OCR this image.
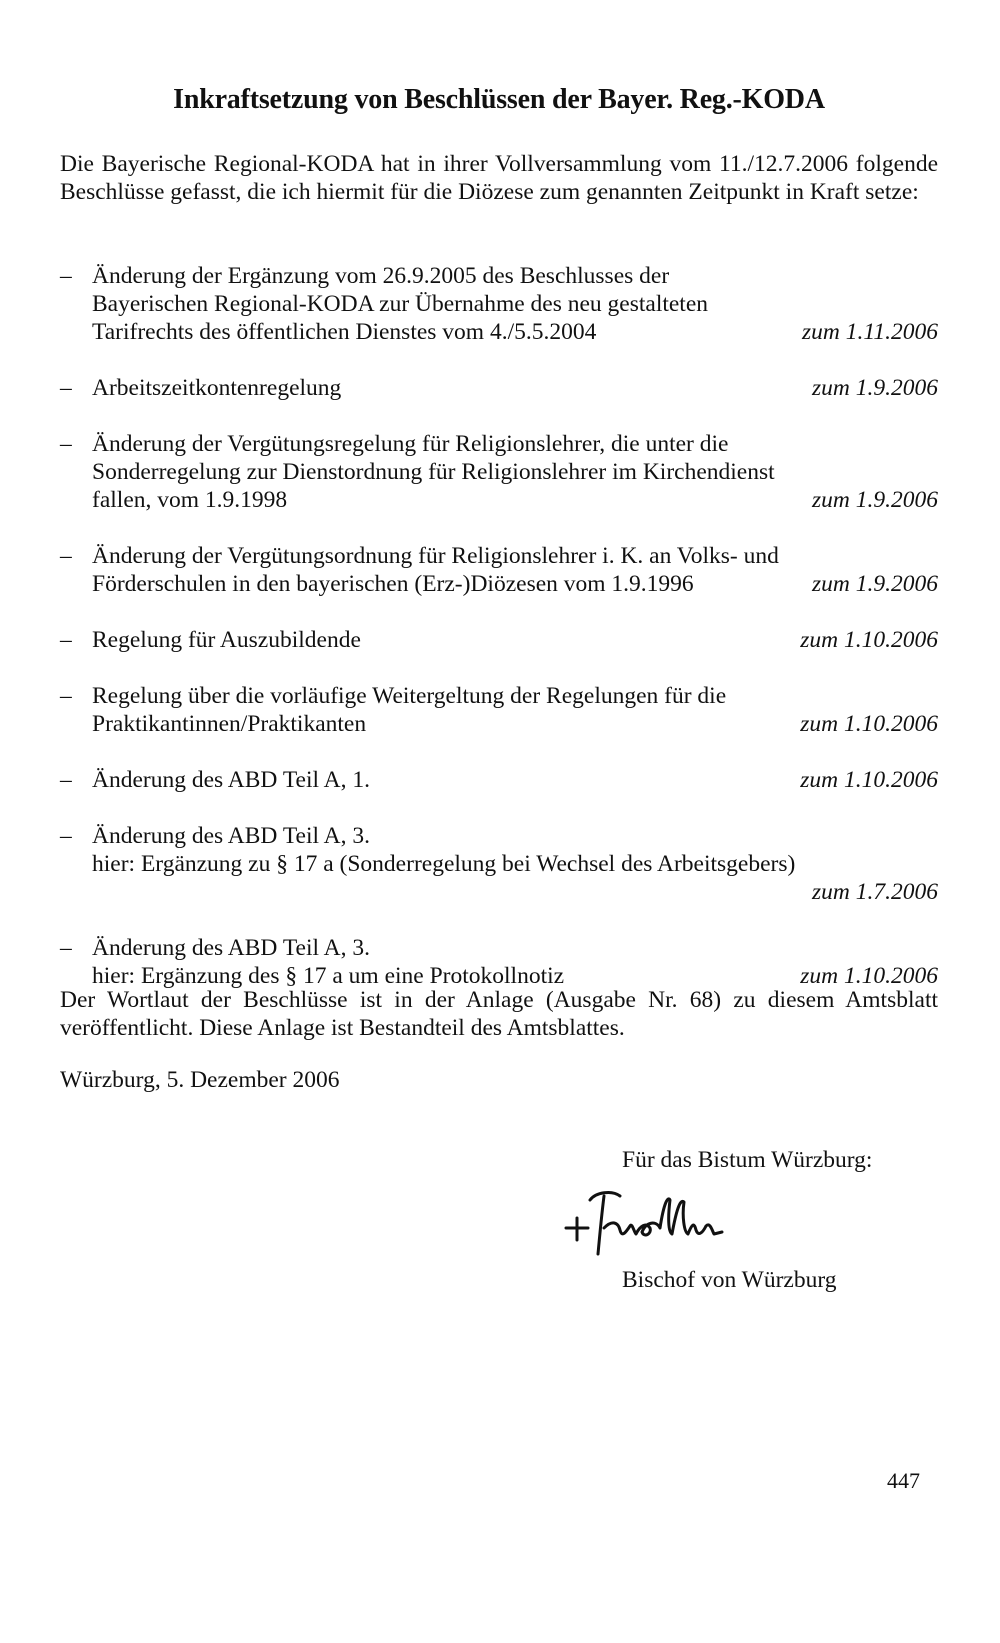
Inkraftsetzung von Beschlüssen der Bayer. Reg.-KODA

Die Bayerische Regional-KODA hat in ihrer Vollversammlung vom 11./12.7.2006 folgende Beschlüsse gefasst, die ich hiermit für die Diözese zum genannten Zeitpunkt in Kraft setze:

– Änderung der Ergänzung vom 26.9.2005 des Beschlusses der Bayerischen Regional-KODA zur Übernahme des neu gestalteten Tarifrechts des öffentlichen Dienstes vom 4./5.5.2004	zum 1.11.2006
– Arbeitszeitkontenregelung	zum 1.9.2006
– Änderung der Vergütungsregelung für Religionslehrer, die unter die Sonderregelung zur Dienstordnung für Religionslehrer im Kirchendienst fallen, vom 1.9.1998	zum 1.9.2006
– Änderung der Vergütungsordnung für Religionslehrer i. K. an Volks- und Förderschulen in den bayerischen (Erz-)Diözesen vom 1.9.1996	zum 1.9.2006
– Regelung für Auszubildende	zum 1.10.2006
– Regelung über die vorläufige Weitergeltung der Regelungen für die Praktikantinnen/Praktikanten	zum 1.10.2006
– Änderung des ABD Teil A, 1.	zum 1.10.2006
– Änderung des ABD Teil A, 3.
hier: Ergänzung zu § 17 a (Sonderregelung bei Wechsel des Arbeitsgebers)
zum 1.7.2006
– Änderung des ABD Teil A, 3.
hier: Ergänzung des § 17 a um eine Protokollnotiz	zum 1.10.2006

Der Wortlaut der Beschlüsse ist in der Anlage (Ausgabe Nr. 68) zu diesem Amtsblatt veröffentlicht. Diese Anlage ist Bestandteil des Amtsblattes.

Würzburg, 5. Dezember 2006

Für das Bistum Würzburg:

Bischof von Würzburg

447
